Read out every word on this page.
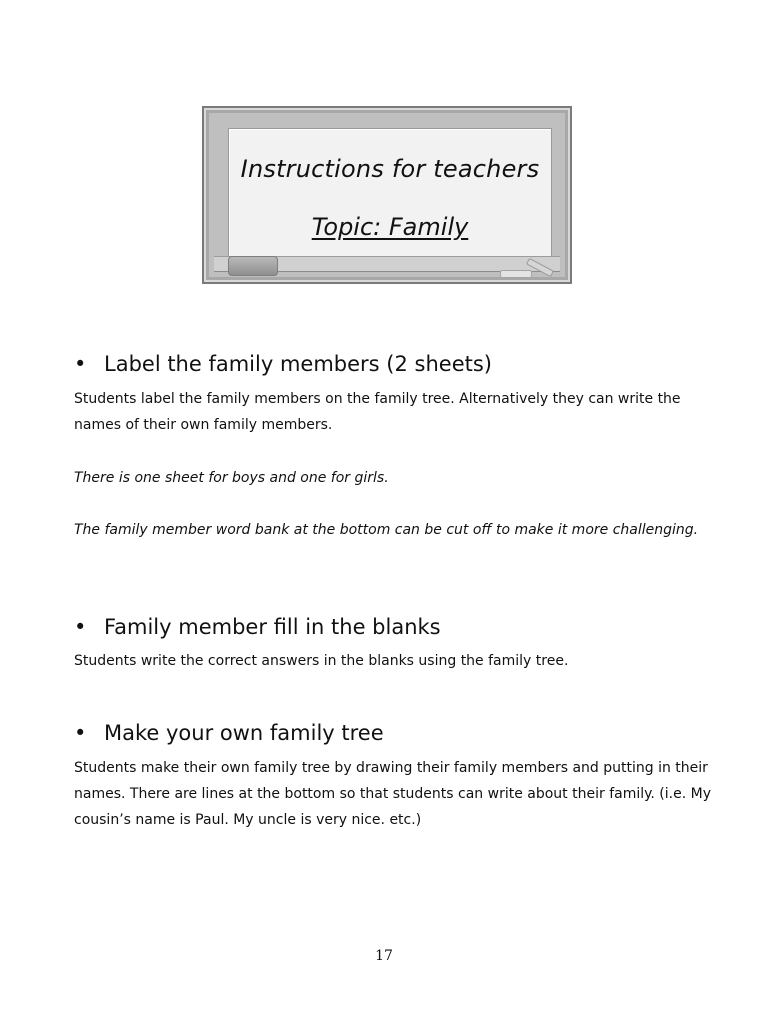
Instructions for teachers
Topic: Family
• Label the family members (2 sheets)
Students label the family members on the family tree. Alternatively they can write the names of their own family members.
There is one sheet for boys and one for girls.
The family member word bank at the bottom can be cut off to make it more challenging.
• Family member fill in the blanks
Students write the correct answers in the blanks using the family tree.
• Make your own family tree
Students make their own family tree by drawing their family members and putting in their names. There are lines at the bottom so that students can write about their family. (i.e. My cousin’s name is Paul. My uncle is very nice. etc.)
17
